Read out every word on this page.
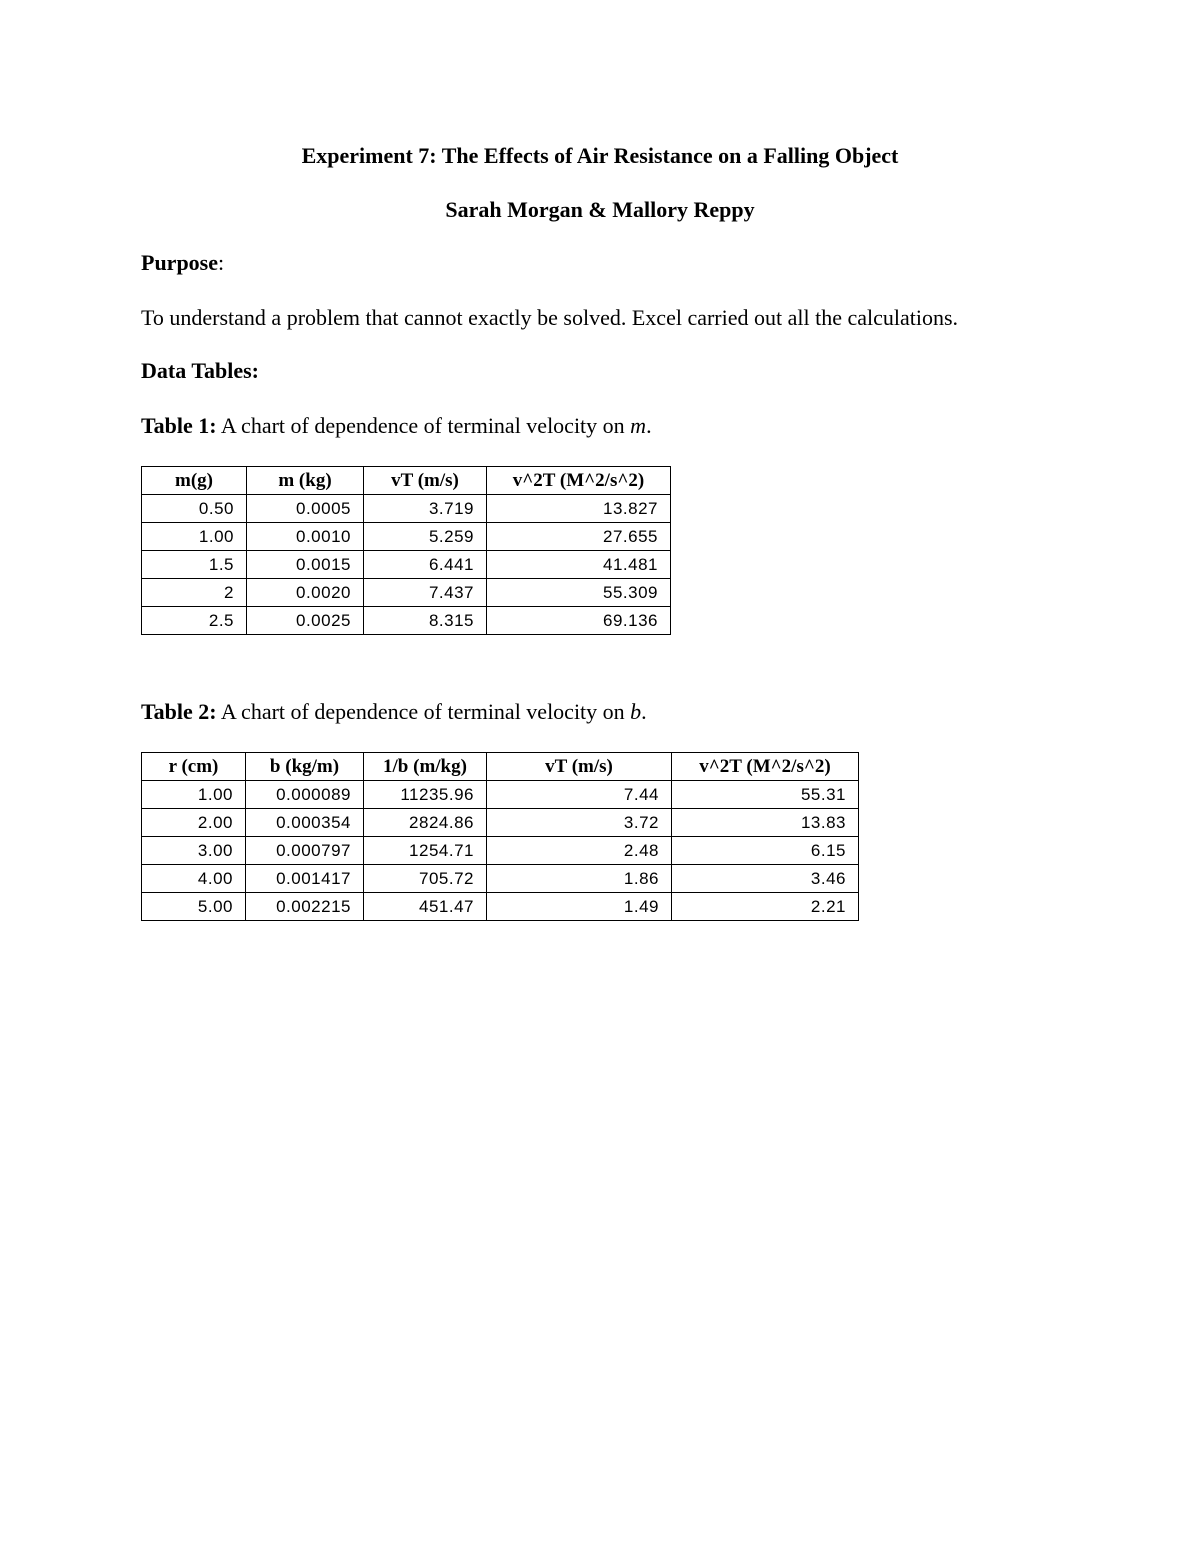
Experiment 7: The Effects of Air Resistance on a Falling Object
Sarah Morgan & Mallory Reppy
Purpose:
To understand a problem that cannot exactly be solved. Excel carried out all the calculations.
Data Tables:
Table 1: A chart of dependence of terminal velocity on m.
m(g)	m (kg)	vT (m/s)	v^2T (M^2/s^2)
0.50	0.0005	3.719	13.827
1.00	0.0010	5.259	27.655
1.5	0.0015	6.441	41.481
2	0.0020	7.437	55.309
2.5	0.0025	8.315	69.136
Table 2: A chart of dependence of terminal velocity on b.
r (cm)	b (kg/m)	1/b (m/kg)	vT (m/s)	v^2T (M^2/s^2)
1.00	0.000089	11235.96	7.44	55.31
2.00	0.000354	2824.86	3.72	13.83
3.00	0.000797	1254.71	2.48	6.15
4.00	0.001417	705.72	1.86	3.46
5.00	0.002215	451.47	1.49	2.21
